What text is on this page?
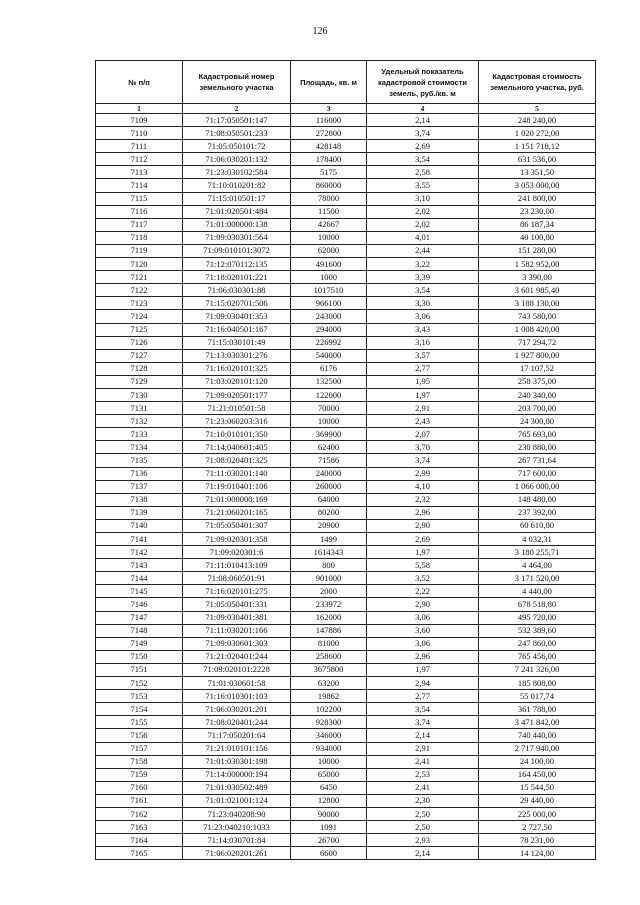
126
№ п/п	Кадастровый номер земельного участка	Площадь, кв. м	Удельный показатель кадастровой стоимости земель, руб./кв. м	Кадастровая стоимость земельного участка, руб.
1	2	3	4	5
7109	71:17:050501:147	116000	2,14	248 240,00
7110	71:08:050501:233	272800	3,74	1 020 272,00
7111	71:05:050101:72	428148	2,69	1 151 718,12
7112	71:06:030201:132	178400	3,54	631 536,00
7113	71:23:030102:584	5175	2,58	13 351,50
7114	71:10:010201:82	860000	3,55	3 053 000,00
7115	71:15:010501:17	78000	3,10	241 800,00
7116	71:01:020501:484	11500	2,02	23 230,00
7117	71:01:000000:138	42667	2,02	86 187,34
7118	71:09:030301:564	10000	4,01	40 100,00
7119	71:09:010101:3072	62000	2,44	151 280,00
7120	71:12:070112:135	491600	3,22	1 582 952,00
7121	71:18:020101:221	1000	3,39	3 390,00
7122	71:06:030301:88	1017510	3,54	3 601 985,40
7123	71:15:020701:506	966100	3,30	3 188 130,00
7124	71:09:030401:353	243000	3,06	743 580,00
7125	71:16:040501:167	294000	3,43	1 008 420,00
7126	71:15:030101:49	226992	3,16	717 294,72
7127	71:13:030301:276	540000	3,57	1 927 800,00
7128	71:16:020101:325	6176	2,77	17 107,52
7129	71:03:020101:120	132500	1,95	258 375,00
7130	71:09:020501:177	122000	1,97	240 340,00
7131	71:21:010501:58	70000	2,91	203 700,00
7132	71:23:060203:316	10000	2,43	24 300,00
7133	71:10:010101:350	369900	2,07	765 693,00
7134	71:14:040601:405	62400	3,70	230 880,00
7135	71:08:020401:325	71586	3,74	267 731,64
7136	71:11:030201:140	240000	2,99	717 600,00
7137	71:19:010401:106	260000	4,10	1 066 000,00
7138	71:01:000000:169	64000	2,32	148 480,00
7139	71:21:060201:165	80200	2,96	237 392,00
7140	71:05:050401:307	20900	2,90	60 610,00
7141	71:09:020301:358	1499	2,69	4 032,31
7142	71:09:020301:6	1614343	1,97	3 180 255,71
7143	71:11:010413:109	800	5,58	4 464,00
7144	71:08:060501:91	901000	3,52	3 171 520,00
7145	71:16:020101:275	2000	2,22	4 440,00
7146	71:05:050401:331	233972	2,90	678 518,80
7147	71:09:030401:381	162000	3,06	495 720,00
7148	71:11:030201:166	147886	3,60	532 389,60
7149	71:09:030601:303	81000	3,06	247 860,00
7150	71:21:020401:244	258600	2,96	765 456,00
7151	71:09:020101:2228	3675800	1,97	7 241 326,00
7152	71:01:030601:58	63200	2,94	185 808,00
7153	71:16:010301:103	19862	2,77	55 017,74
7154	71:06:030201:201	102200	3,54	361 788,00
7155	71:08:020401:244	928300	3,74	3 471 842,00
7156	71:17:050201:64	346000	2,14	740 440,00
7157	71:21:010101:156	934000	2,91	2 717 940,00
7158	71:01:030301:198	10000	2,41	24 100,00
7159	71:14:000000:194	65000	2,53	164 450,00
7160	71:01:030502:489	6450	2,41	15 544,50
7161	71:01:021001:124	12800	2,30	29 440,00
7162	71:23:040208:90	90000	2,50	225 000,00
7163	71:23:040210:1033	1091	2,50	2 727,50
7164	71:14:030701:84	26700	2,93	78 231,00
7165	71:06:020201:261	6600	2,14	14 124,00
